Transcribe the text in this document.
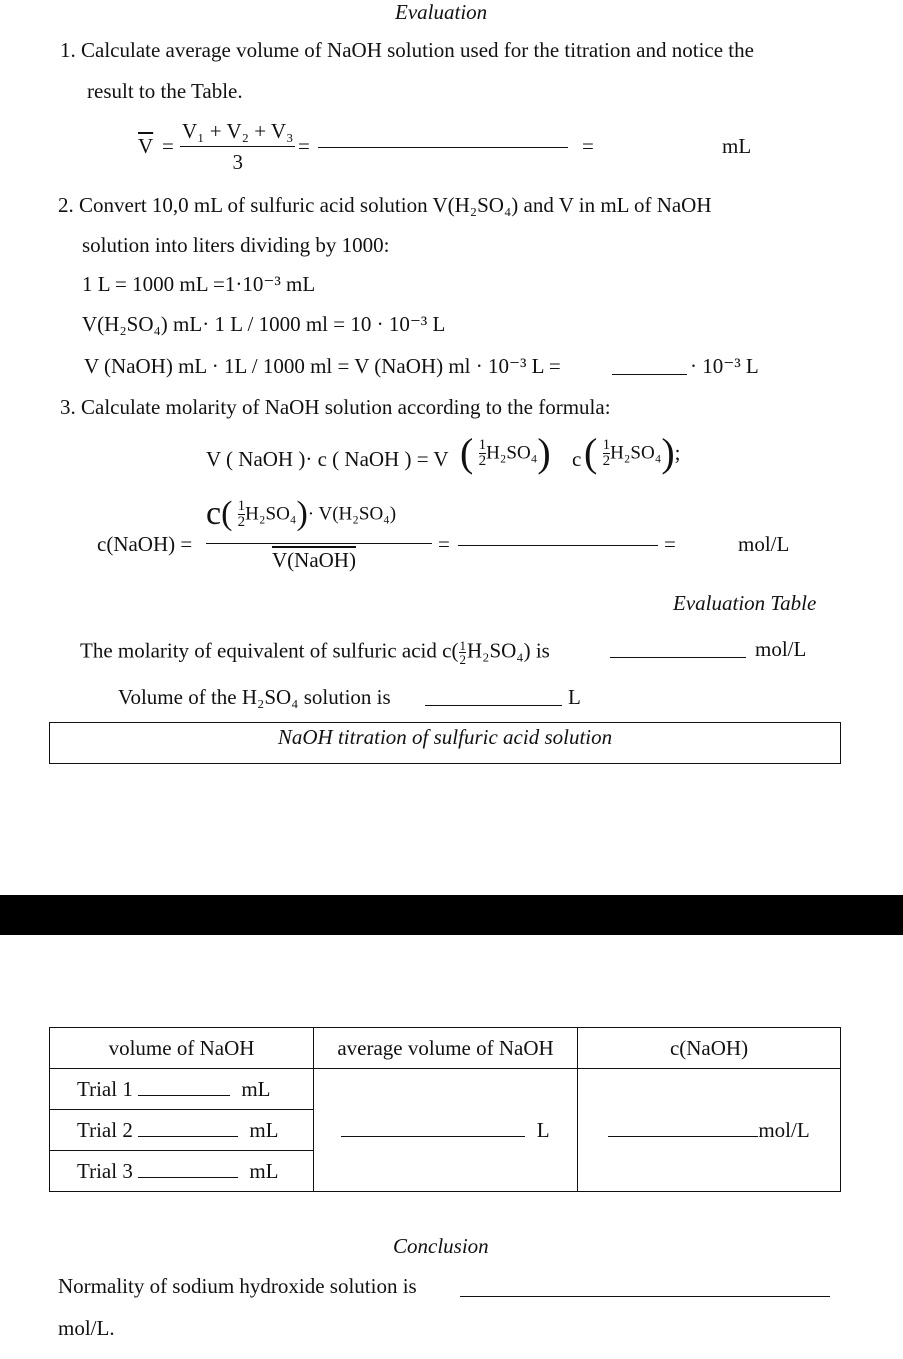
Evaluation
1. Calculate average volume of NaOH solution used for the titration and notice the
result to the Table.
$\overline{V} = \frac{\text{V₁ + V₂ + V₃}}{3}$ =	=	mL
2. Convert 10,0 mL of sulfuric acid solution V(H₂SO₄) and V in mL of NaOH
solution into liters dividing by 1000:
1 L = 1000 mL =1·10⁻³ mL
V(H₂SO₄) mL· 1 L / 1000 ml = 10 · 10⁻³ L
V (NaOH) mL · 1L / 1000 ml = V (NaOH) ml · 10⁻³ L =	· 10⁻³ L
3. Calculate molarity of NaOH solution according to the formula:
V ( NaOH )· c ( NaOH ) = V ( $\frac{1}{2} H_2SO_4$) c ( $\frac{1}{2} H_2SO_4$);
c(NaOH) =
$c( \frac{1}{2} H_2SO_4)\cdot V(H_2SO_4)$
V(NaOH)
=	=	mol/L
Evaluation Table
The molarity of equivalent of sulfuric acid $c( \frac{1}{2} H_2SO_4)$ is	mol/L
Volume of the H₂SO₄ solution is	L
NaOH titration of sulfuric acid solution
volume of NaOH	average volume of NaOH	c(NaOH)
Trial 1 mL	L	mol/L
Trial 2 mL		
Trial 3 mL		
Conclusion
Normality of sodium hydroxide solution is
mol/L.
